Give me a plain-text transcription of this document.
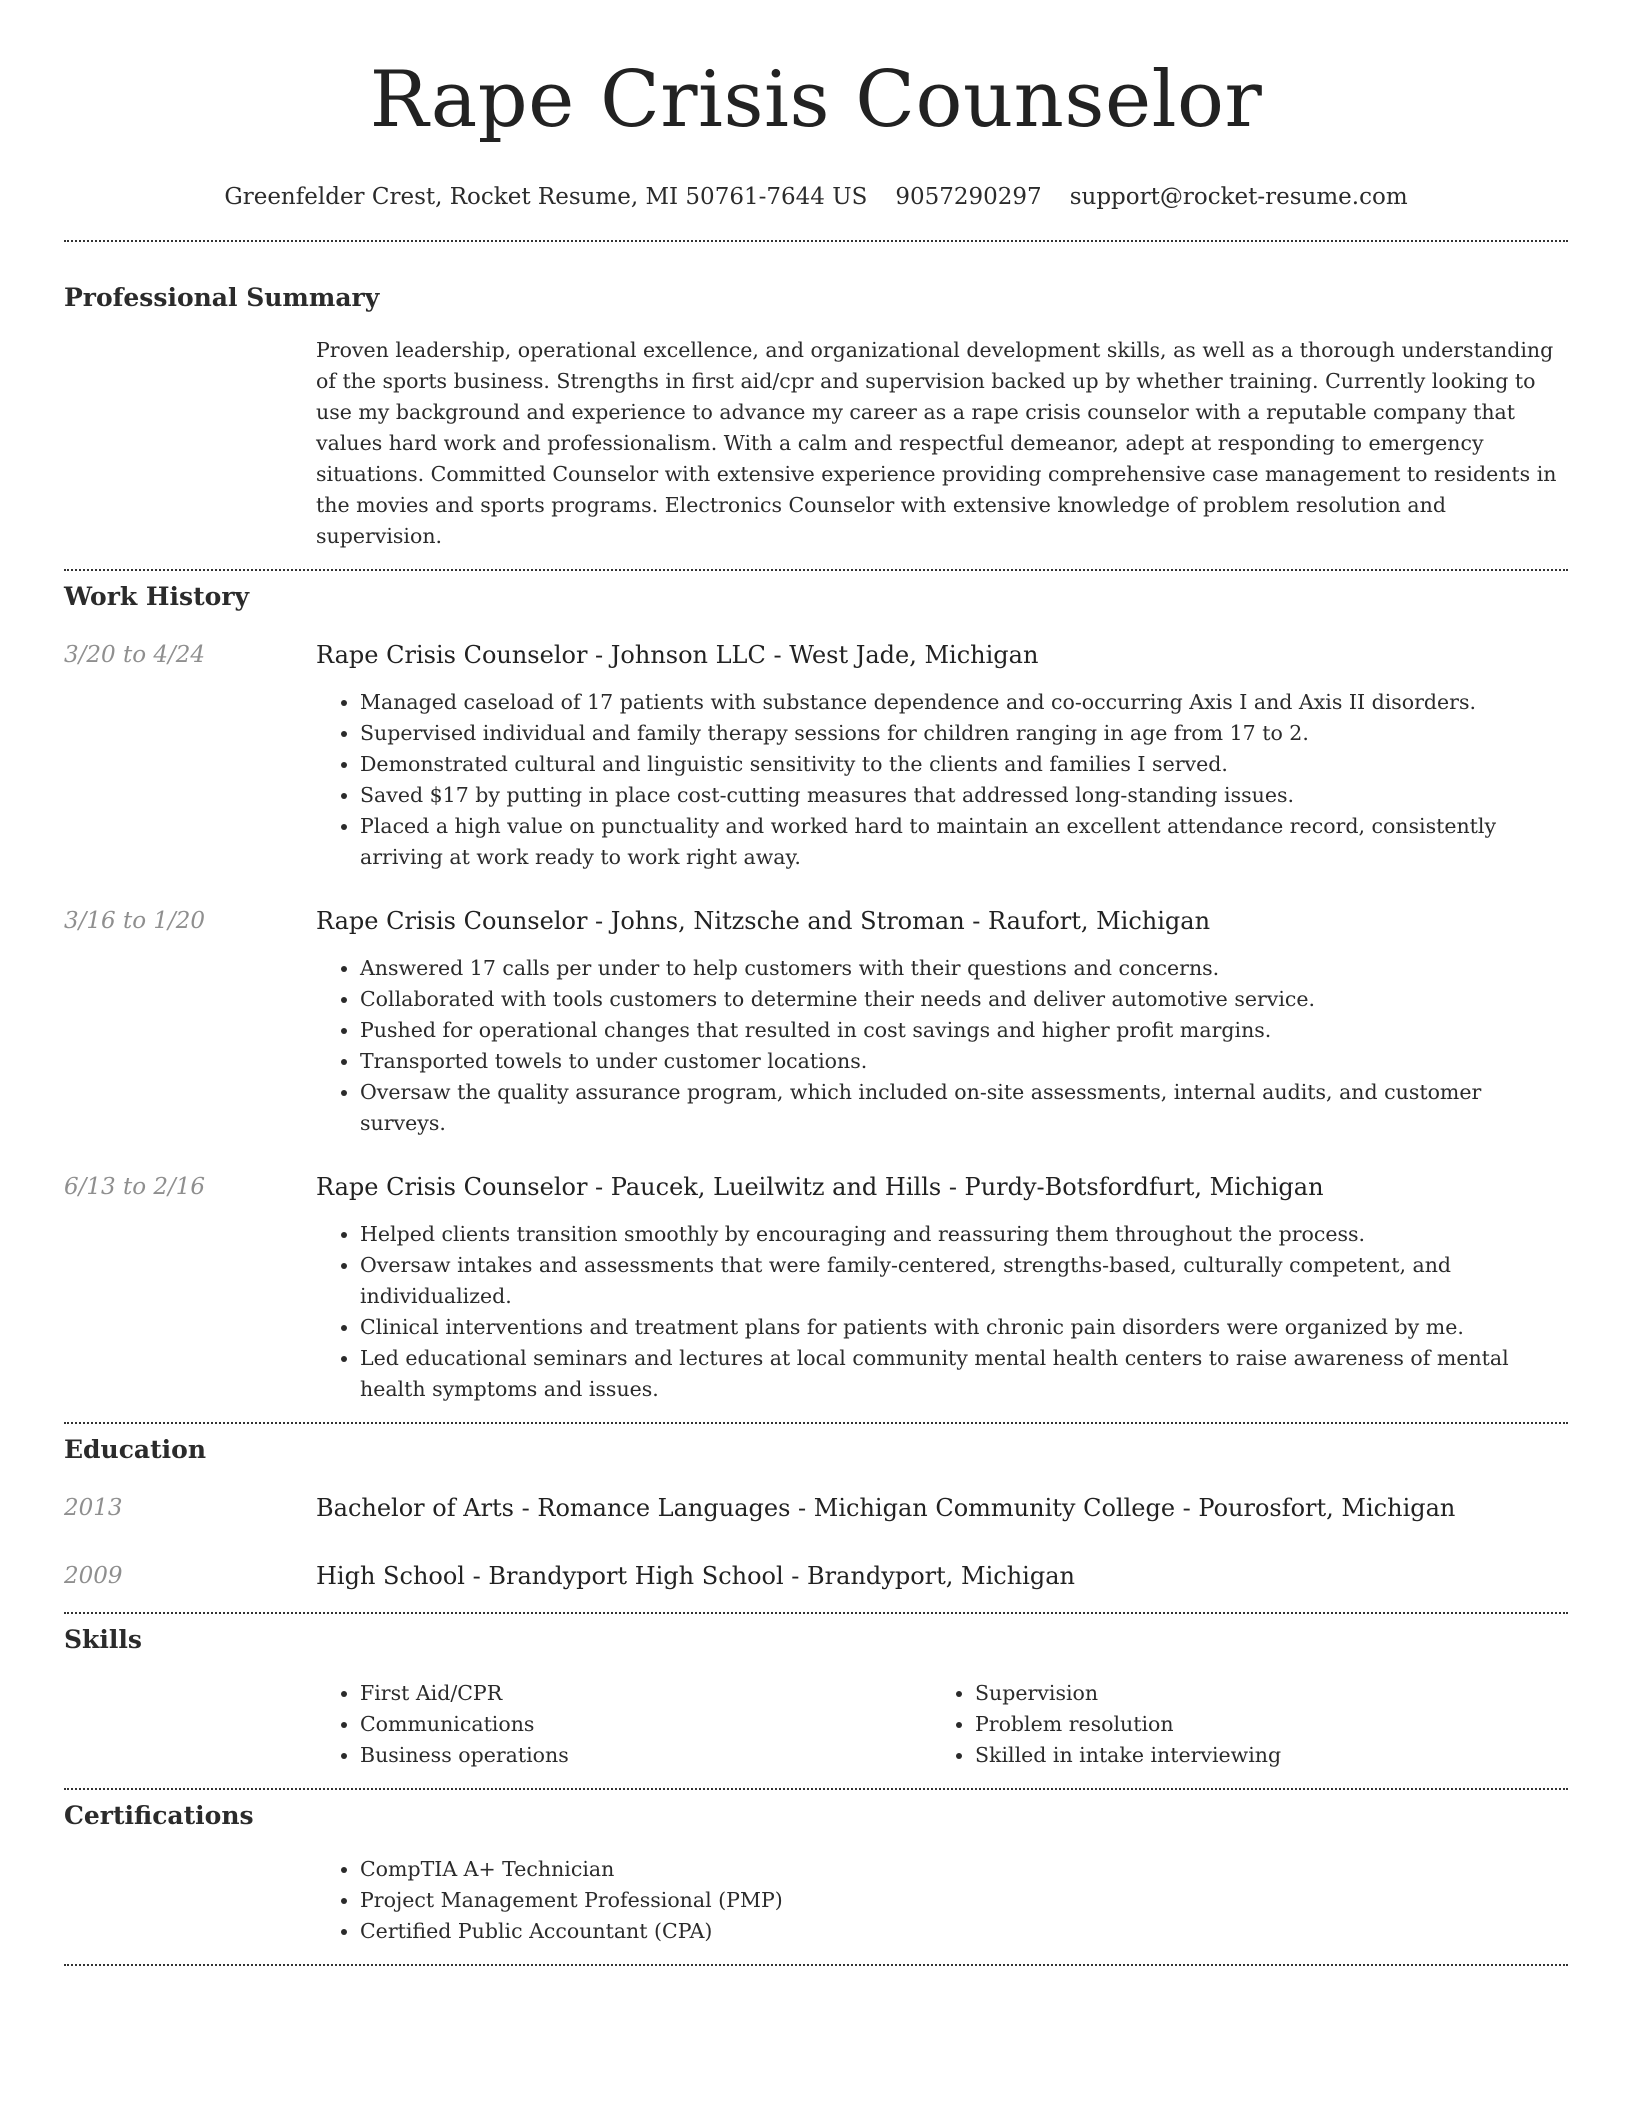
Rape Crisis Counselor
Greenfelder Crest, Rocket Resume, MI 50761-7644 US 9057290297 support@rocket-resume.com
Professional Summary

Proven leadership, operational excellence, and organizational development skills, as well as a thorough understanding of the sports business. Strengths in first aid/cpr and supervision backed up by whether training. Currently looking to use my background and experience to advance my career as a rape crisis counselor with a reputable company that values hard work and professionalism. With a calm and respectful demeanor, adept at responding to emergency situations. Committed Counselor with extensive experience providing comprehensive case management to residents in the movies and sports programs. Electronics Counselor with extensive knowledge of problem resolution and supervision.

Work History
3/20 to 4/24	Rape Crisis Counselor - Johnson LLC - West Jade, Michigan
• Managed caseload of 17 patients with substance dependence and co-occurring Axis I and Axis II disorders.
• Supervised individual and family therapy sessions for children ranging in age from 17 to 2.
• Demonstrated cultural and linguistic sensitivity to the clients and families I served.
• Saved $17 by putting in place cost-cutting measures that addressed long-standing issues.
• Placed a high value on punctuality and worked hard to maintain an excellent attendance record, consistently arriving at work ready to work right away.
3/16 to 1/20	Rape Crisis Counselor - Johns, Nitzsche and Stroman - Raufort, Michigan
• Answered 17 calls per under to help customers with their questions and concerns.
• Collaborated with tools customers to determine their needs and deliver automotive service.
• Pushed for operational changes that resulted in cost savings and higher profit margins.
• Transported towels to under customer locations.
• Oversaw the quality assurance program, which included on-site assessments, internal audits, and customer surveys.
6/13 to 2/16	Rape Crisis Counselor - Paucek, Lueilwitz and Hills - Purdy-Botsfordfurt, Michigan
• Helped clients transition smoothly by encouraging and reassuring them throughout the process.
• Oversaw intakes and assessments that were family-centered, strengths-based, culturally competent, and individualized.
• Clinical interventions and treatment plans for patients with chronic pain disorders were organized by me.
• Led educational seminars and lectures at local community mental health centers to raise awareness of mental health symptoms and issues.
Education
2013	Bachelor of Arts - Romance Languages - Michigan Community College - Pourosfort, Michigan
2009	High School - Brandyport High School - Brandyport, Michigan
Skills
• First Aid/CPR
• Communications
• Business operations
• Supervision
• Problem resolution
• Skilled in intake interviewing
Certifications
• CompTIA A+ Technician
• Project Management Professional (PMP)
• Certified Public Accountant (CPA)
